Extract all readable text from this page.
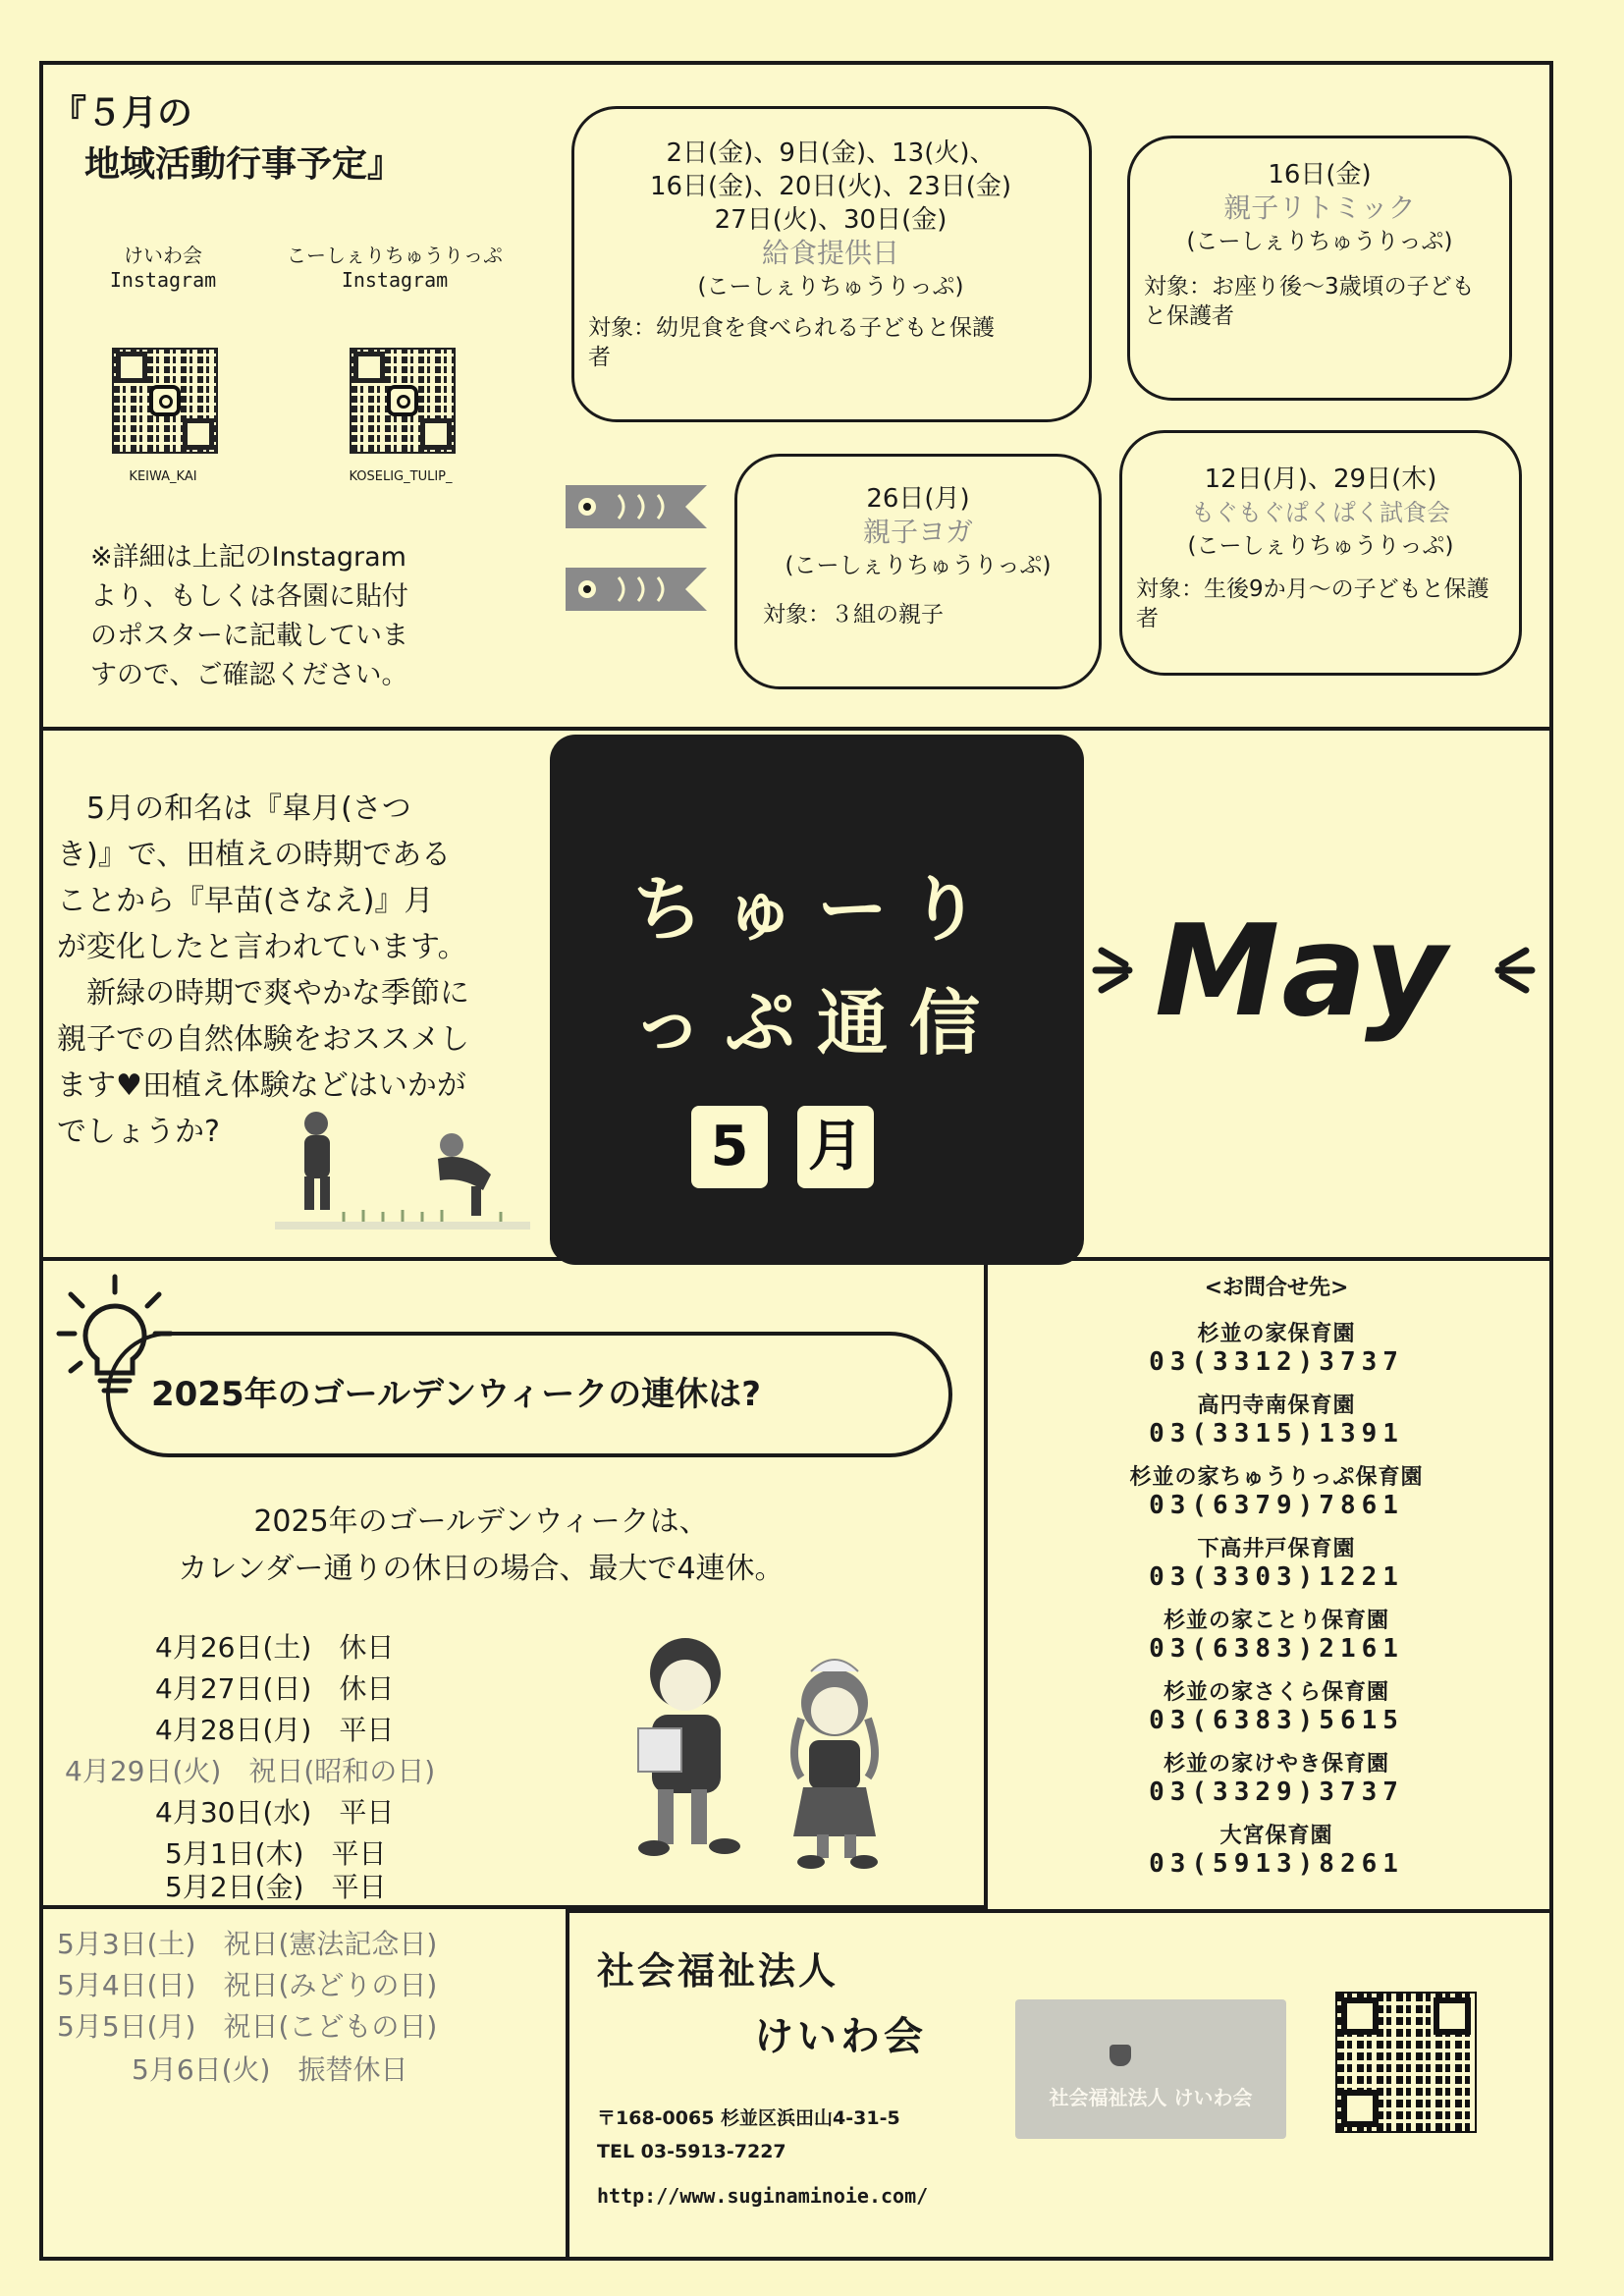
『５月の
地域活動行事予定』
けいわ会
Instagram
KEIWA_KAI
こーしぇりちゅうりっぷ
Instagram
KOSELIG_TULIP_
※詳細は上記のInstagram
より、もしくは各園に貼付
のポスターに記載していま
すので、ご確認ください。
2日(金)、9日(金)、13(火)、
16日(金)、20日(火)、23日(金)
27日(火)、30日(金)
給食提供日
(こーしぇりちゅうりっぷ)
対象：幼児食を食べられる子どもと保護者
16日(金)
親子リトミック
(こーしぇりちゅうりっぷ)
対象：お座り後～3歳頃の子どもと保護者
26日(月)
親子ヨガ
(こーしぇりちゅうりっぷ)
対象：３組の親子
12日(月)、29日(木)
もぐもぐぱくぱく試食会
(こーしぇりちゅうりっぷ)
対象：生後9か月～の子どもと保護者
5月の和名は『皐月(さつ
き)』で、田植えの時期である
ことから『早苗(さなえ)』月
が変化したと言われています。
新緑の時期で爽やかな季節に
親子での自然体験をおススメし
ます♥田植え体験などはいかが
でしょうか?
ちゅーり
っぷ通信
5	月
May
2025年のゴールデンウィークの連休は?
2025年のゴールデンウィークは、
カレンダー通りの休日の場合、最大で4連休。
4月26日(土)　 休日
4月27日(日)　 休日
4月28日(月)　 平日
4月29日(火)　 祝日(昭和の日)
4月30日(水)　 平日
5月1日(木)　 平日
5月2日(金)　 平日
5月3日(土)　 祝日(憲法記念日)
5月4日(日)　 祝日(みどりの日)
5月5日(月)　 祝日(こどもの日)
5月6日(火)　 振替休日
<お問合せ先>
杉並の家保育園
03(3312)3737
高円寺南保育園
03(3315)1391
杉並の家ちゅうりっぷ保育園
03(6379)7861
下高井戸保育園
03(3303)1221
杉並の家ことり保育園
03(6383)2161
杉並の家さくら保育園
03(6383)5615
杉並の家けやき保育園
03(3329)3737
大宮保育園
03(5913)8261
社会福祉法人
けいわ会
〒168-0065 杉並区浜田山4-31-5
TEL 03-5913-7227
http://www.suginaminoie.com/
社会福祉法人 けいわ会
